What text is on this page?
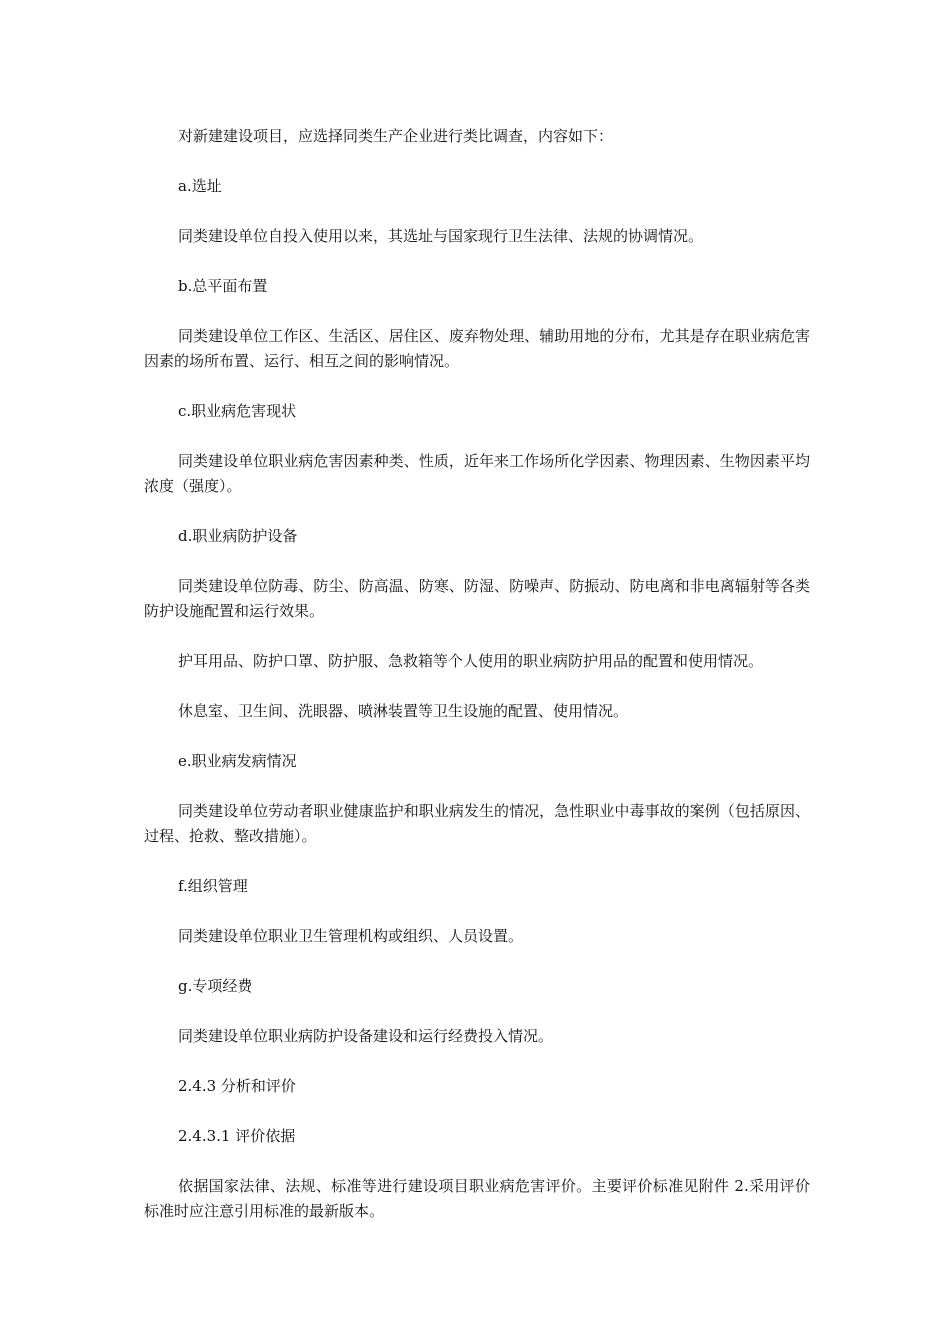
对新建建设项目，应选择同类生产企业进行类比调查，内容如下：

a.选址

同类建设单位自投入使用以来，其选址与国家现行卫生法律、法规的协调情况。

b.总平面布置

同类建设单位工作区、生活区、居住区、废弃物处理、辅助用地的分布，尤其是存在职业病危害因素的场所布置、运行、相互之间的影响情况。

c.职业病危害现状

同类建设单位职业病危害因素种类、性质，近年来工作场所化学因素、物理因素、生物因素平均浓度（强度）。

d.职业病防护设备

同类建设单位防毒、防尘、防高温、防寒、防湿、防噪声、防振动、防电离和非电离辐射等各类防护设施配置和运行效果。

护耳用品、防护口罩、防护服、急救箱等个人使用的职业病防护用品的配置和使用情况。

休息室、卫生间、洗眼器、喷淋装置等卫生设施的配置、使用情况。

e.职业病发病情况

同类建设单位劳动者职业健康监护和职业病发生的情况，急性职业中毒事故的案例（包括原因、过程、抢救、整改措施）。

f.组织管理

同类建设单位职业卫生管理机构或组织、人员设置。

g.专项经费

同类建设单位职业病防护设备建设和运行经费投入情况。

2.4.3 分析和评价

2.4.3.1 评价依据

依据国家法律、法规、标准等进行建设项目职业病危害评价。主要评价标准见附件 2.采用评价标准时应注意引用标准的最新版本。
